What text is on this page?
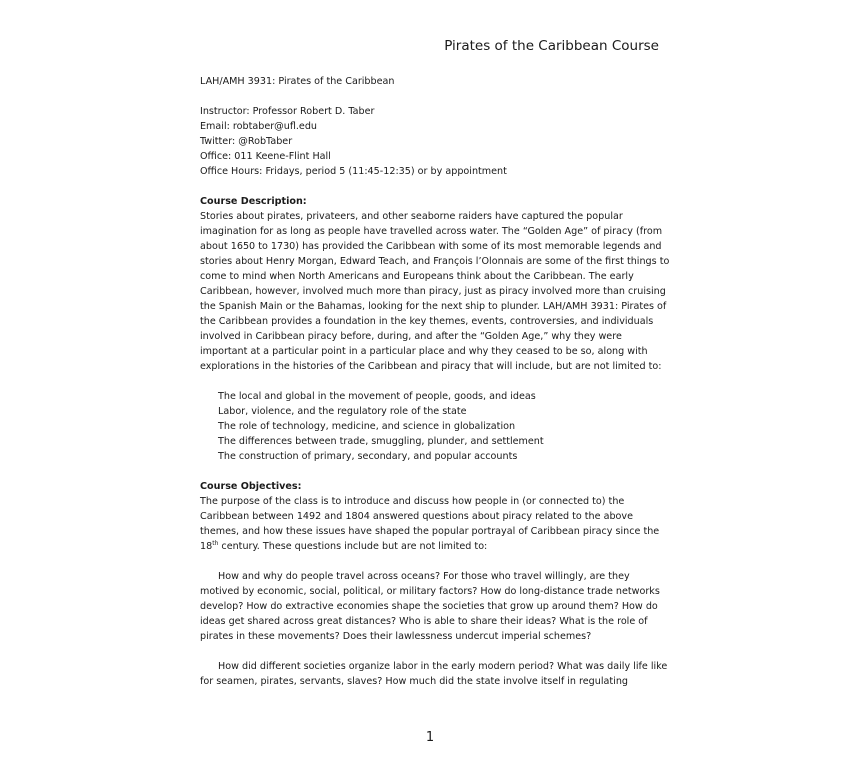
Pirates of the Caribbean Course
LAH/AMH 3931: Pirates of the Caribbean
Instructor: Professor Robert D. Taber
Email: robtaber@ufl.edu
Twitter: @RobTaber
Office: 011 Keene-Flint Hall
Office Hours: Fridays, period 5 (11:45-12:35) or by appointment
Course Description:
Stories about pirates, privateers, and other seaborne raiders have captured the popular imagination for as long as people have travelled across water. The “Golden Age” of piracy (from about 1650 to 1730) has provided the Caribbean with some of its most memorable legends and stories about Henry Morgan, Edward Teach, and François l’Olonnais are some of the first things to come to mind when North Americans and Europeans think about the Caribbean. The early Caribbean, however, involved much more than piracy, just as piracy involved more than cruising the Spanish Main or the Bahamas, looking for the next ship to plunder. LAH/AMH 3931: Pirates of the Caribbean provides a foundation in the key themes, events, controversies, and individuals involved in Caribbean piracy before, during, and after the “Golden Age,” why they were important at a particular point in a particular place and why they ceased to be so, along with explorations in the histories of the Caribbean and piracy that will include, but are not limited to:
The local and global in the movement of people, goods, and ideas
Labor, violence, and the regulatory role of the state
The role of technology, medicine, and science in globalization
The differences between trade, smuggling, plunder, and settlement
The construction of primary, secondary, and popular accounts
Course Objectives:
The purpose of the class is to introduce and discuss how people in (or connected to) the Caribbean between 1492 and 1804 answered questions about piracy related to the above themes, and how these issues have shaped the popular portrayal of Caribbean piracy since the 18th century. These questions include but are not limited to:
How and why do people travel across oceans? For those who travel willingly, are they motived by economic, social, political, or military factors? How do long-distance trade networks develop? How do extractive economies shape the societies that grow up around them? How do ideas get shared across great distances? Who is able to share their ideas? What is the role of pirates in these movements? Does their lawlessness undercut imperial schemes?
How did different societies organize labor in the early modern period? What was daily life like for seamen, pirates, servants, slaves? How much did the state involve itself in regulating
1
